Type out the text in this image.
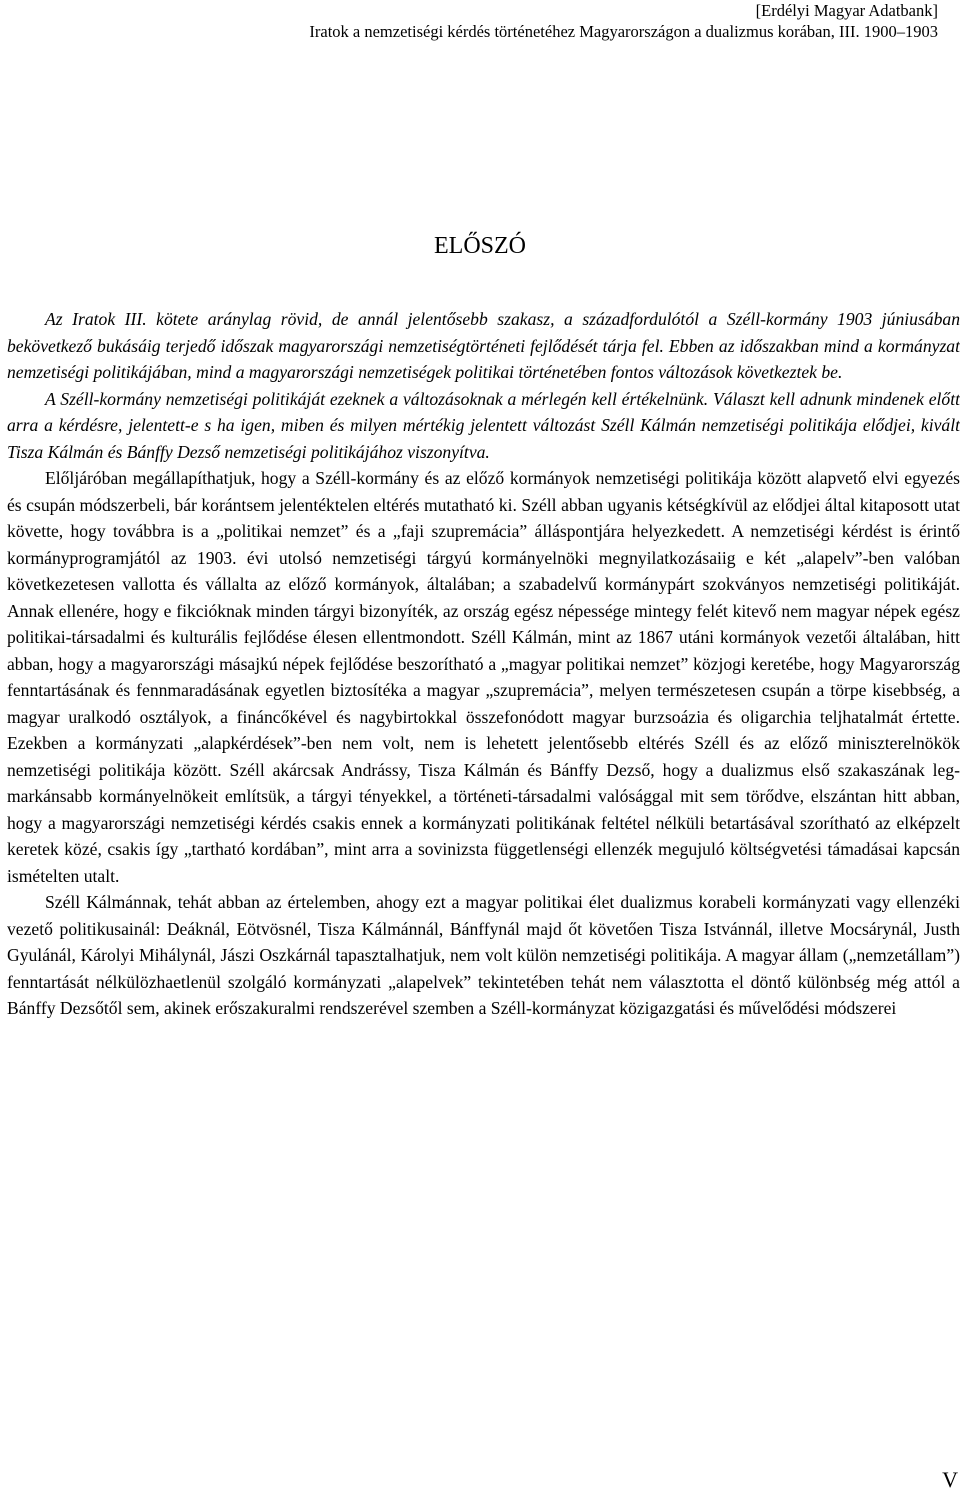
[Erdélyi Magyar Adatbank]
Iratok a nemzetiségi kérdés történetéhez Magyarországon a dualizmus korában, III. 1900–1903
ELŐSZÓ

Az Iratok III. kötete aránylag rövid, de annál jelentősebb szakasz, a századfordulótól a Széll-kormány 1903 júniusában bekövetkező bukásáig terjedő időszak magyarországi nemzetiségtörténeti fejlődését tárja fel. Ebben az időszakban mind a kormányzat nemzetiségi politikájában, mind a magyarországi nemzetiségek politikai történetében fontos változások következtek be.

A Széll-kormány nemzetiségi politikáját ezeknek a változásoknak a mérlegén kell értékelnünk. Választ kell adnunk mindenek előtt arra a kérdésre, jelentett-e s ha igen, miben és milyen mértékig jelentett változást Széll Kálmán nemzetiségi politikája elődjei, kivált Tisza Kálmán és Bánffy Dezső nemzetiségi politikájához viszonyítva.

Előljáróban megállapíthatjuk, hogy a Széll-kormány és az előző kormányok nemzetiségi politikája között alapvető elvi egyezés és csupán módszerbeli, bár korántsem jelentéktelen eltérés mutatható ki. Széll abban ugyanis kétségkívül az elődjei által kitaposott utat követte, hogy továbbra is a „politikai nemzet” és a „faji szupremácia” álláspontjára helyezkedett. A nemzetiségi kérdést is érintő kormányprogramjától az 1903. évi utolsó nemzetiségi tárgyú kormányelnöki megnyilatkozásaiig e két „alapelv”-ben valóban következetesen vallotta és vállalta az előző kormányok, általában; a szabadelvű kormánypárt szokványos nemzetiségi politikáját. Annak ellenére, hogy e fikcióknak minden tárgyi bizonyíték, az ország egész népessége mintegy felét kitevő nem magyar népek egész politikai-társadalmi és kulturális fejlődése élesen ellentmondott. Széll Kálmán, mint az 1867 utáni kormányok vezetői általában, hitt abban, hogy a magyarországi másajkú népek fejlődése beszorítható a „magyar politikai nemzet” közjogi keretébe, hogy Magyarország fenntartásának és fennmaradásának egyetlen biztosítéka a magyar „szupremácia”, melyen természetesen csupán a törpe kisebbség, a magyar uralkodó osztályok, a fináncőkével és nagybirtokkal összefonódott magyar burzsoázia és oligarchia teljhatalmát értette. Ezekben a kormányzati „alapkérdések”-ben nem volt, nem is lehetett jelentősebb eltérés Széll és az előző miniszterelnökök nemzetiségi politikája között. Széll akárcsak Andrássy, Tisza Kálmán és Bánffy Dezső, hogy a dualizmus első szakaszának legmarkánsabb kormányelnökeit említsük, a tárgyi tényekkel, a történeti-társadalmi valósággal mit sem törődve, elszántan hitt abban, hogy a magyarországi nemzetiségi kérdés csakis ennek a kormányzati politikának feltétel nélküli betartásával szorítható az elképzelt keretek közé, csakis így „tartható kordában”, mint arra a sovinizsta függetlenségi ellenzék megujuló költségvetési támadásai kapcsán ismételten utalt.

Széll Kálmánnak, tehát abban az értelemben, ahogy ezt a magyar politikai élet dualizmus korabeli kormányzati vagy ellenzéki vezető politikusainál: Deáknál, Eötvösnél, Tisza Kálmánnál, Bánffynál majd őt követően Tisza Istvánnál, illetve Mocsárynál, Justh Gyulánál, Károlyi Mihálynál, Jászi Oszkárnál tapasztalhatjuk, nem volt külön nemzetiségi politikája. A magyar állam („nemzetállam”) fenntartását nélkülözhaetlenül szolgáló kormányzati „alapelvek” tekintetében tehát nem választotta el döntő különbség még attól a Bánffy Dezsőtől sem, akinek erőszakuralmi rendszerével szemben a Széll-kormányzat közigazgatási és művelődési módszerei

V
